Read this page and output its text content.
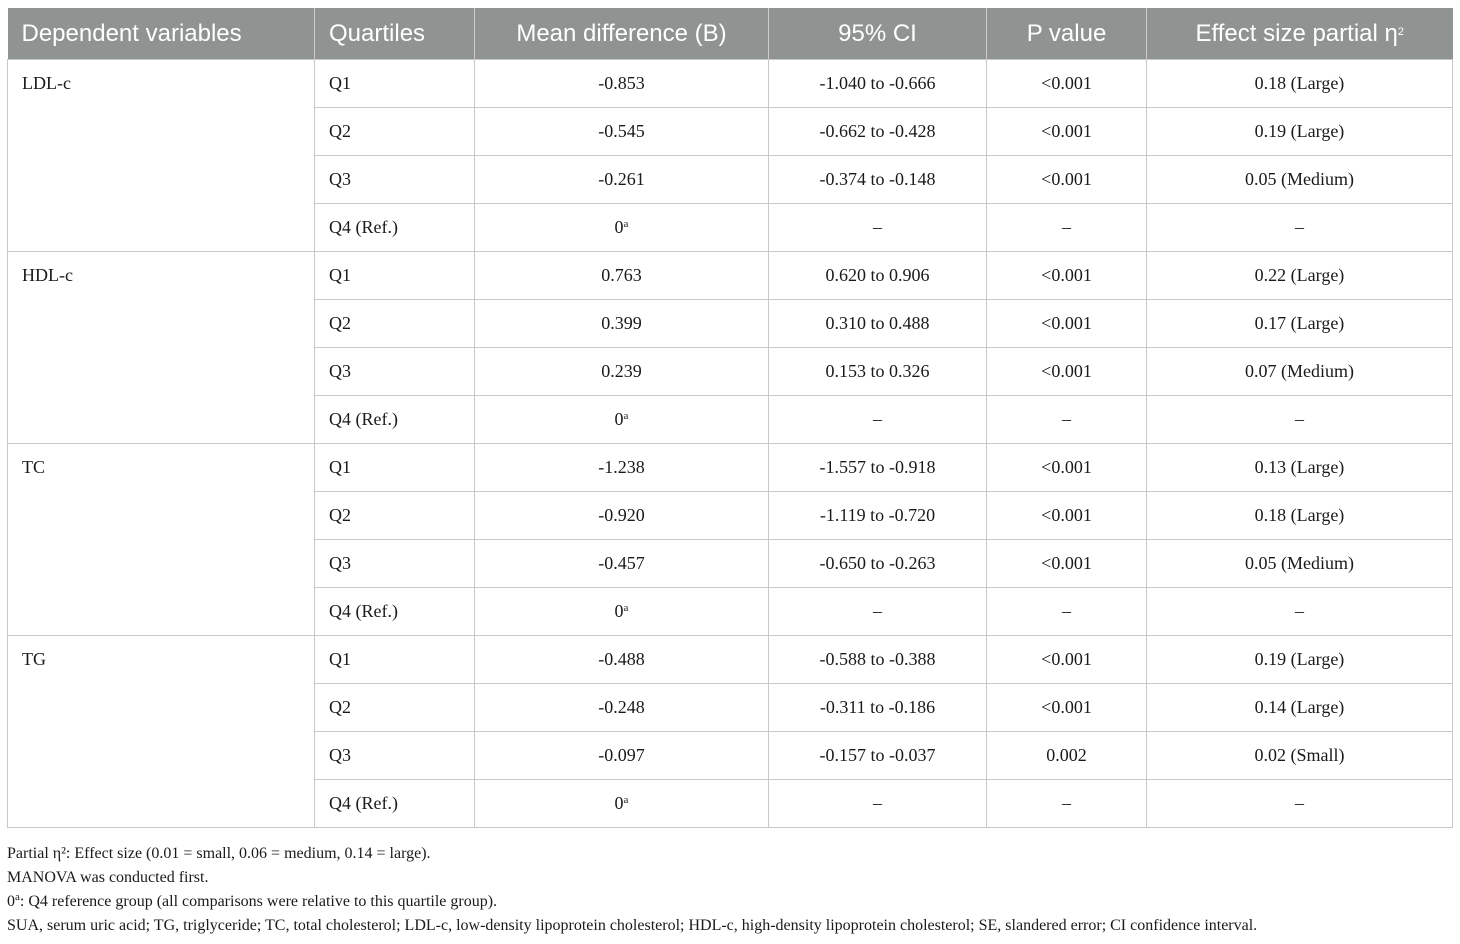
Dependent variables	Quartiles	Mean difference (B)	95% CI	P value	Effect size partial $\eta^2$
LDL-c	Q1	-0.853	-1.040 to -0.666	<0.001	0.18 (Large)
	Q2	-0.545	-0.662 to -0.428	<0.001	0.19 (Large)
	Q3	-0.261	-0.374 to -0.148	<0.001	0.05 (Medium)
	Q4 (Ref.)	0$^a$	–	–	–
HDL-c	Q1	0.763	0.620 to 0.906	<0.001	0.22 (Large)
	Q2	0.399	0.310 to 0.488	<0.001	0.17 (Large)
	Q3	0.239	0.153 to 0.326	<0.001	0.07 (Medium)
	Q4 (Ref.)	0$^a$	–	–	–
TC	Q1	-1.238	-1.557 to -0.918	<0.001	0.13 (Large)
	Q2	-0.920	-1.119 to -0.720	<0.001	0.18 (Large)
	Q3	-0.457	-0.650 to -0.263	<0.001	0.05 (Medium)
	Q4 (Ref.)	0$^a$	–	–	–
TG	Q1	-0.488	-0.588 to -0.388	<0.001	0.19 (Large)
	Q2	-0.248	-0.311 to -0.186	<0.001	0.14 (Large)
	Q3	-0.097	-0.157 to -0.037	0.002	0.02 (Small)
	Q4 (Ref.)	0$^a$	–	–	–
Partial η²: Effect size (0.01 = small, 0.06 = medium, 0.14 = large).
MANOVA was conducted first.
0$^a$: Q4 reference group (all comparisons were relative to this quartile group).
SUA, serum uric acid; TG, triglyceride; TC, total cholesterol; LDL-c, low-density lipoprotein cholesterol; HDL-c, high-density lipoprotein cholesterol; SE, slandered error; CI confidence interval.
